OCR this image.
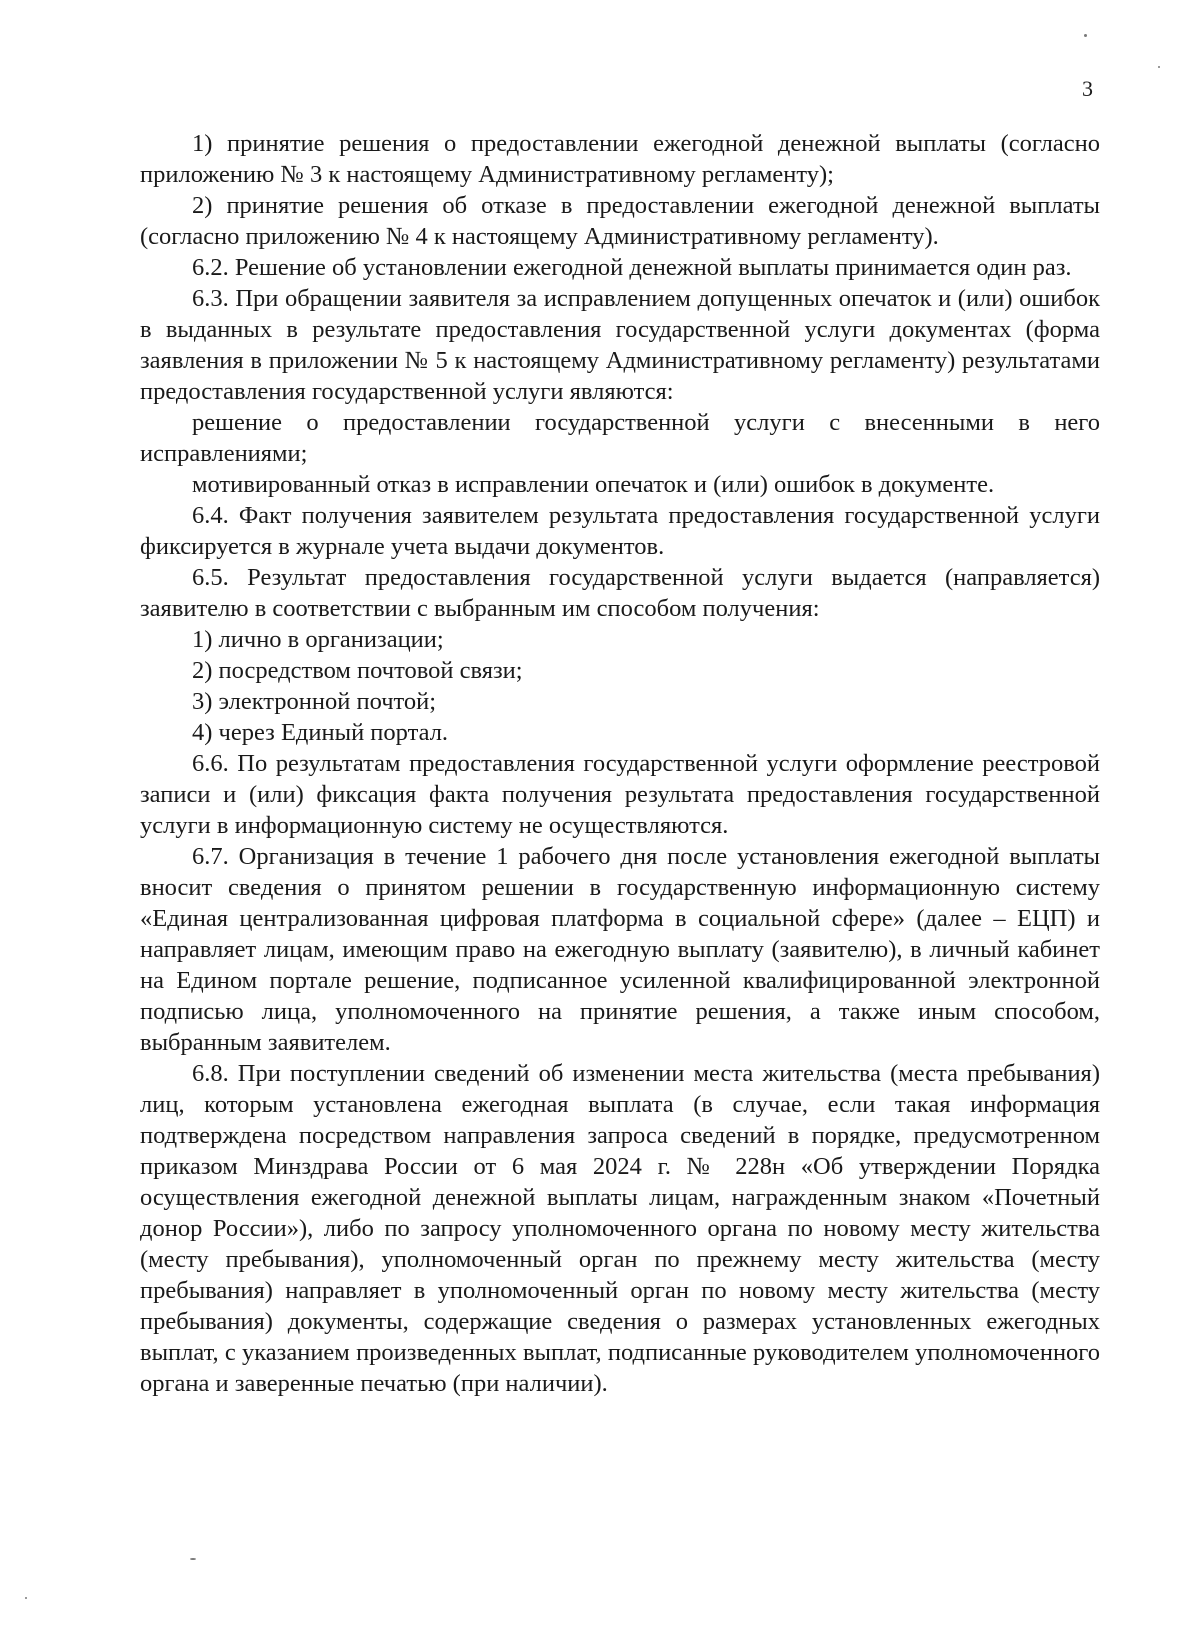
3

1) принятие решения о предоставлении ежегодной денежной выплаты (согласно приложению № 3 к настоящему Административному регламенту);

2) принятие решения об отказе в предоставлении ежегодной денежной выплаты (согласно приложению № 4 к настоящему Административному регламенту).

6.2. Решение об установлении ежегодной денежной выплаты принимается один раз.

6.3. При обращении заявителя за исправлением допущенных опечаток и (или) ошибок в выданных в результате предоставления государственной услуги документах (форма заявления в приложении № 5 к настоящему Административному регламенту) результатами предоставления государственной услуги являются:

решение о предоставлении государственной услуги с внесенными в него исправлениями;

мотивированный отказ в исправлении опечаток и (или) ошибок в документе.

6.4. Факт получения заявителем результата предоставления государственной услуги фиксируется в журнале учета выдачи документов.

6.5. Результат предоставления государственной услуги выдается (направляется) заявителю в соответствии с выбранным им способом получения:

1) лично в организации;

2) посредством почтовой связи;

3) электронной почтой;

4) через Единый портал.

6.6. По результатам предоставления государственной услуги оформление реестровой записи и (или) фиксация факта получения результата предоставления государственной услуги в информационную систему не осуществляются.

6.7. Организация в течение 1 рабочего дня после установления ежегодной выплаты вносит сведения о принятом решении в государственную информационную систему «Единая централизованная цифровая платформа в социальной сфере» (далее – ЕЦП) и направляет лицам, имеющим право на ежегодную выплату (заявителю), в личный кабинет на Едином портале решение, подписанное усиленной квалифицированной электронной подписью лица, уполномоченного на принятие решения, а также иным способом, выбранным заявителем.

6.8. При поступлении сведений об изменении места жительства (места пребывания) лиц, которым установлена ежегодная выплата (в случае, если такая информация подтверждена посредством направления запроса сведений в порядке, предусмотренном приказом Минздрава России от 6 мая 2024 г. № 228н «Об утверждении Порядка осуществления ежегодной денежной выплаты лицам, награжденным знаком «Почетный донор России»), либо по запросу уполномоченного органа по новому месту жительства (месту пребывания), уполномоченный орган по прежнему месту жительства (месту пребывания) направляет в уполномоченный орган по новому месту жительства (месту пребывания) документы, содержащие сведения о размерах установленных ежегодных выплат, с указанием произведенных выплат, подписанные руководителем уполномоченного органа и заверенные печатью (при наличии).
